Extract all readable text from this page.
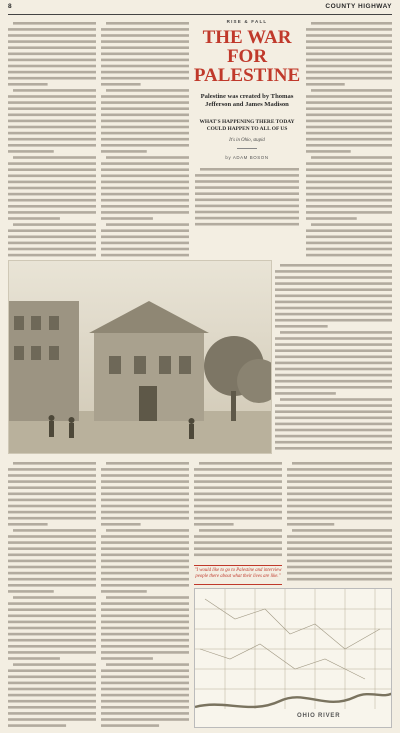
8	COUNTY HIGHWAY
RISE & FALL
THE WAR FOR PALESTINE
Palestine was created by Thomas Jefferson and James Madison
WHAT'S HAPPENING THERE TODAY COULD HAPPEN TO ALL OF US
It's in Ohio, stupid
by ADAM BOSON
"I would like to go to Palestine and interview people there about what their lives are like."
OHIO RIVER
